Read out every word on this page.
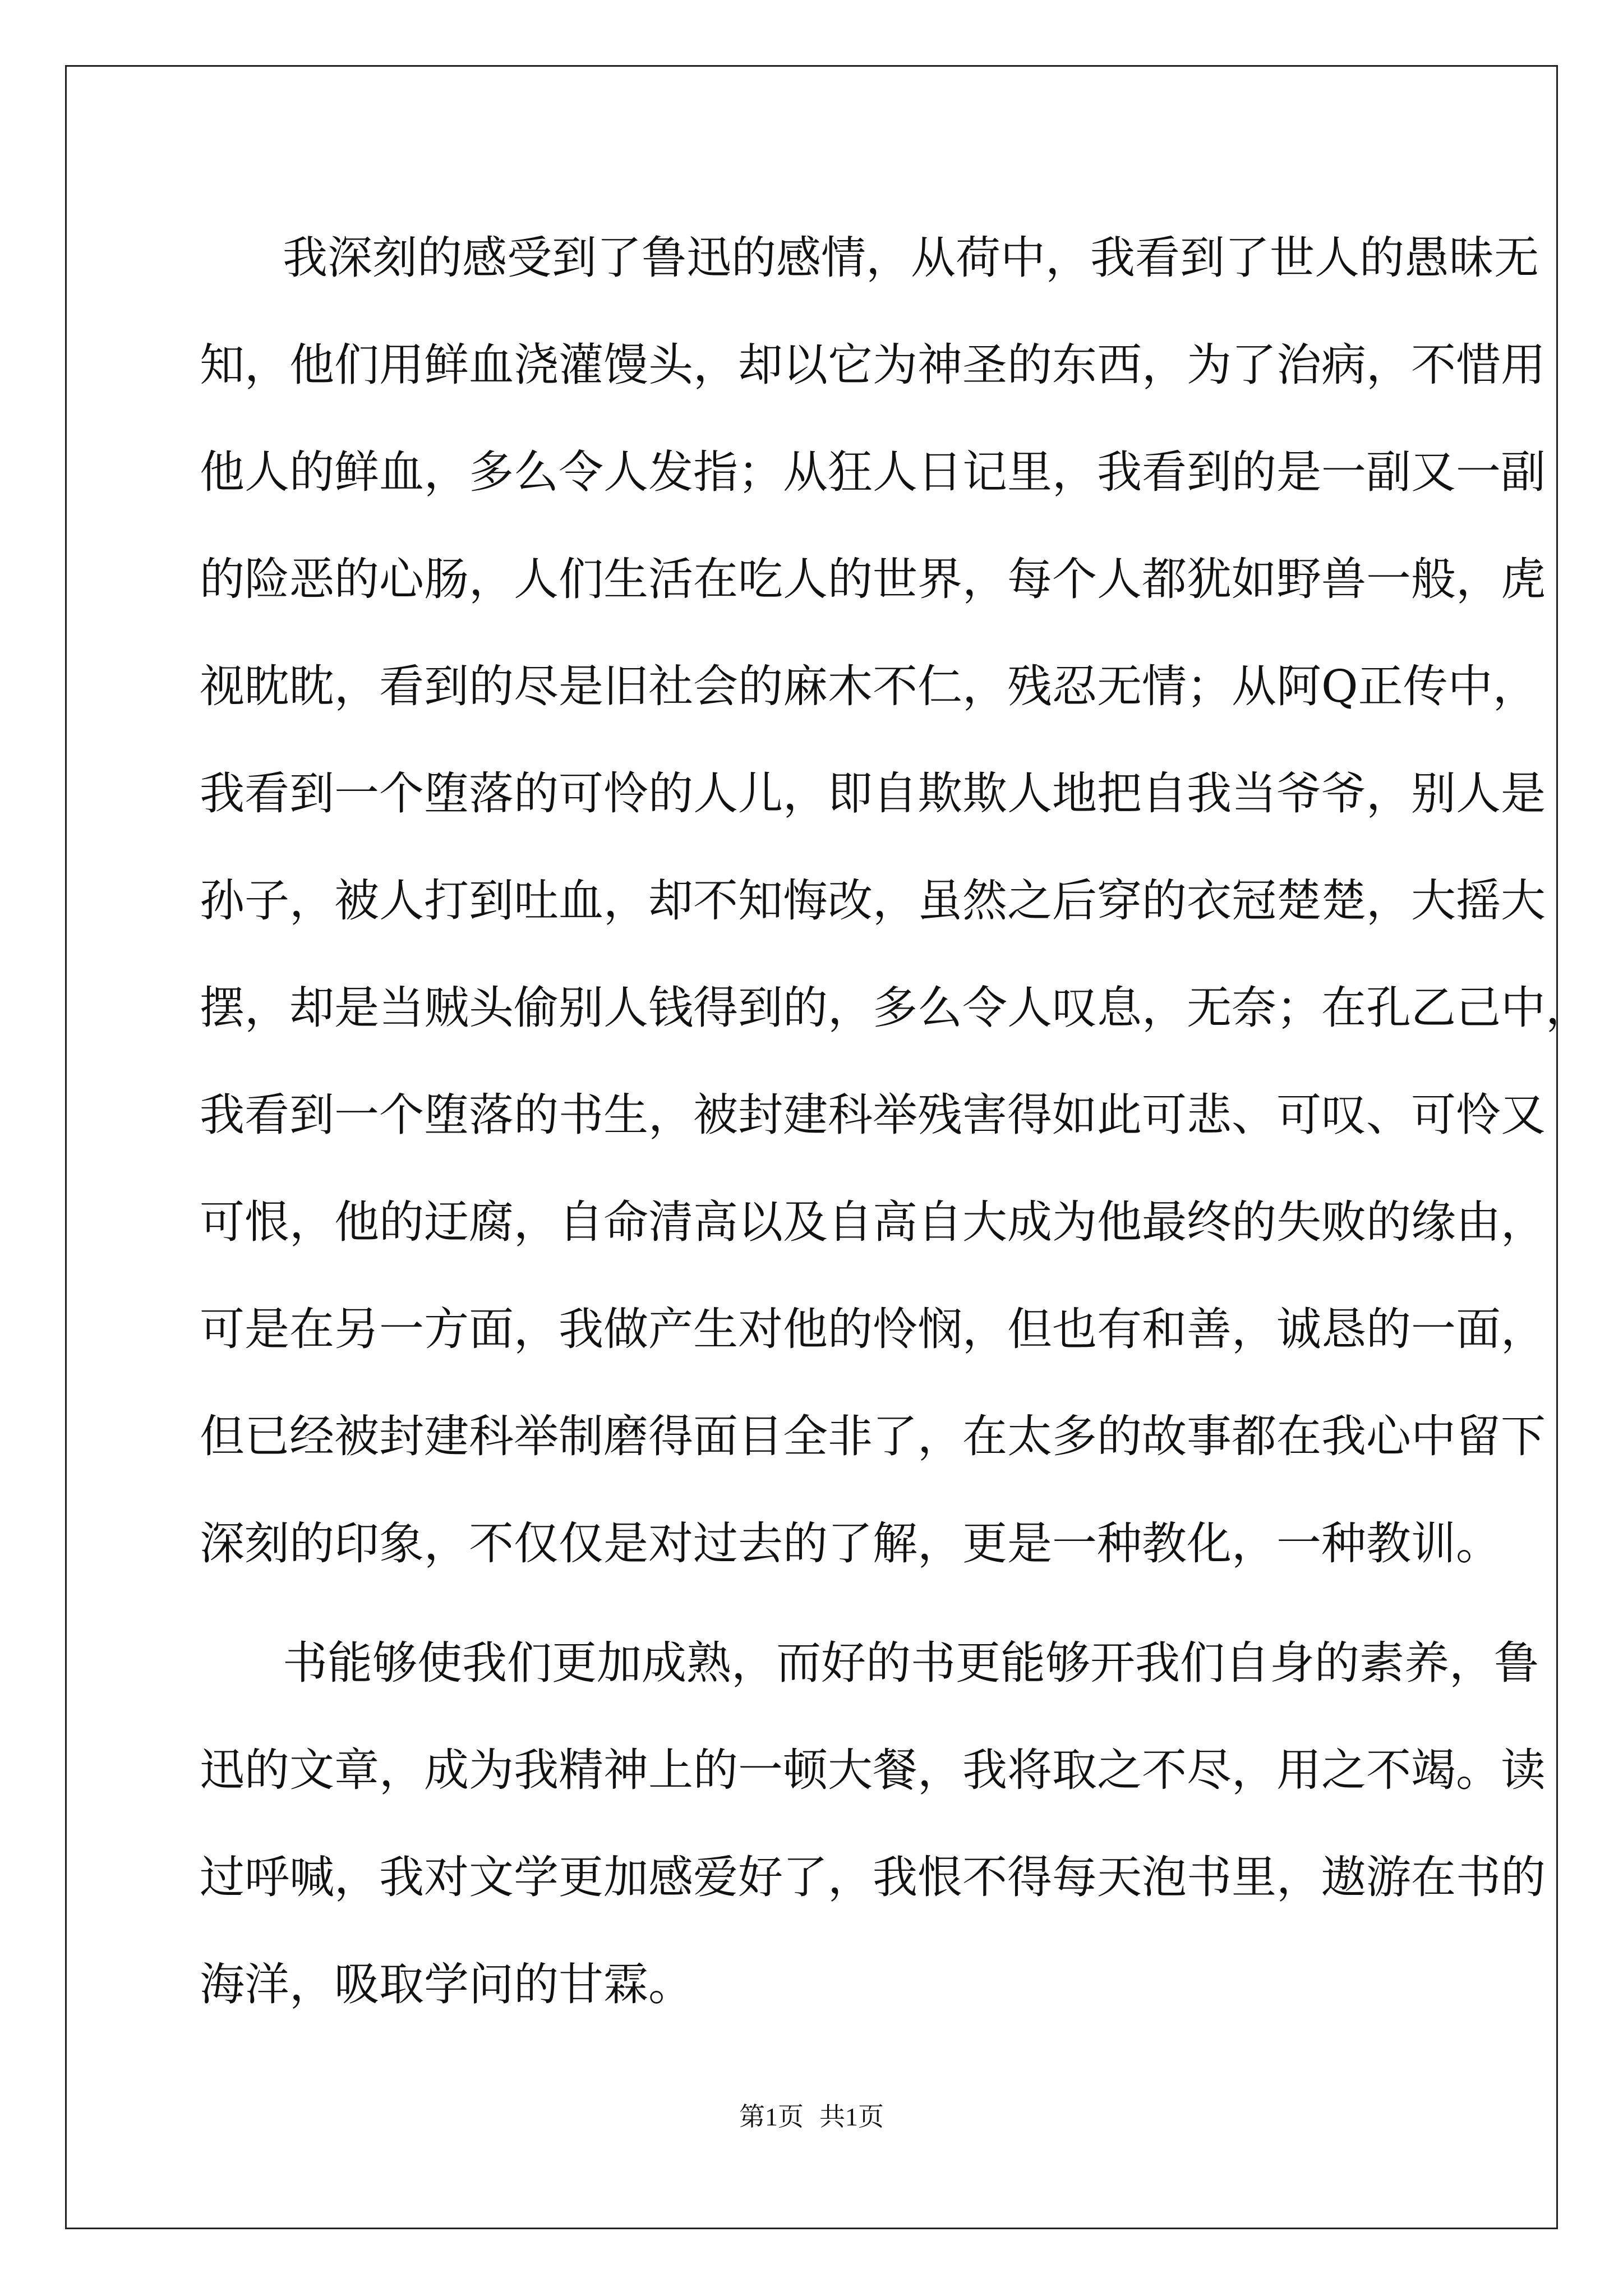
我深刻的感受到了鲁迅的感情，从荷中，我看到了世人的愚昧无
知，他们用鲜血浇灌馒头，却以它为神圣的东西，为了治病，不惜用
他人的鲜血，多么令人发指；从狂人日记里，我看到的是一副又一副
的险恶的心肠，人们生活在吃人的世界，每个人都犹如野兽一般，虎
视眈眈，看到的尽是旧社会的麻木不仁，残忍无情；从阿Q正传中，
我看到一个堕落的可怜的人儿，即自欺欺人地把自我当爷爷，别人是
孙子，被人打到吐血，却不知悔改，虽然之后穿的衣冠楚楚，大摇大
摆，却是当贼头偷别人钱得到的，多么令人叹息，无奈；在孔乙己中，
我看到一个堕落的书生，被封建科举残害得如此可悲、可叹、可怜又
可恨，他的迂腐，自命清高以及自高自大成为他最终的失败的缘由，
可是在另一方面，我做产生对他的怜悯，但也有和善，诚恳的一面，
但已经被封建科举制磨得面目全非了，在太多的故事都在我心中留下
深刻的印象，不仅仅是对过去的了解，更是一种教化，一种教训。
书能够使我们更加成熟，而好的书更能够开我们自身的素养，鲁
迅的文章，成为我精神上的一顿大餐，我将取之不尽，用之不竭。读
过呼喊，我对文学更加感爱好了，我恨不得每天泡书里，遨游在书的
海洋，吸取学问的甘霖。
第1页 共1页
